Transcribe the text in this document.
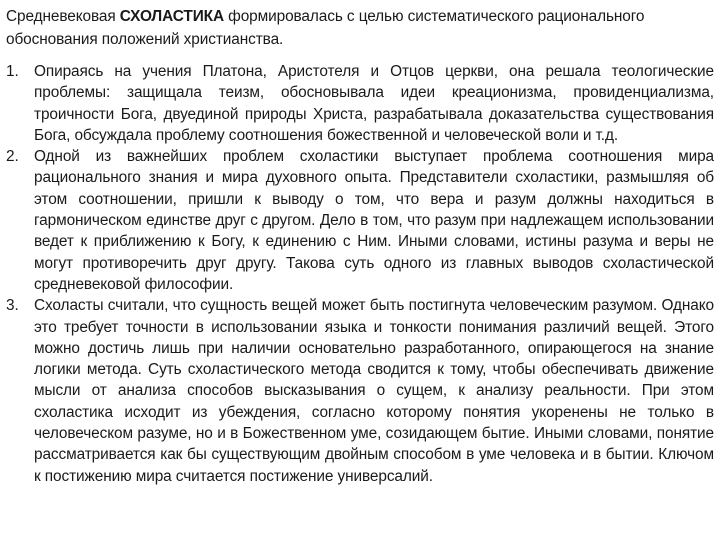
Средневековая СХОЛАСТИКА формировалась с целью систематического рационального обоснования положений христианства.

1. Опираясь на учения Платона, Аристотеля и Отцов церкви, она решала теологические проблемы: защищала теизм, обосновывала идеи креационизма, провиденциализма, троичности Бога, двуединой природы Христа, разрабатывала доказательства существования Бога, обсуждала проблему соотношения божественной и человеческой воли и т.д.
2. Одной из важнейших проблем схоластики выступает проблема соотношения мира рационального знания и мира духовного опыта. Представители схоластики, размышляя об этом соотношении, пришли к выводу о том, что вера и разум должны находиться в гармоническом единстве друг с другом. Дело в том, что разум при надлежащем использовании ведет к приближению к Богу, к единению с Ним. Иными словами, истины разума и веры не могут противоречить друг другу. Такова суть одного из главных выводов схоластической средневековой философии.
3. Схоласты считали, что сущность вещей может быть постигнута человеческим разумом. Однако это требует точности в использовании языка и тонкости понимания различий вещей. Этого можно достичь лишь при наличии основательно разработанного, опирающегося на знание логики метода. Суть схоластического метода сводится к тому, чтобы обеспечивать движение мысли от анализа способов высказывания о сущем, к анализу реальности. При этом схоластика исходит из убеждения, согласно которому понятия укоренены не только в человеческом разуме, но и в Божественном уме, созидающем бытие. Иными словами, понятие рассматривается как бы существующим двойным способом в уме человека и в бытии. Ключом к постижению мира считается постижение универсалий.
